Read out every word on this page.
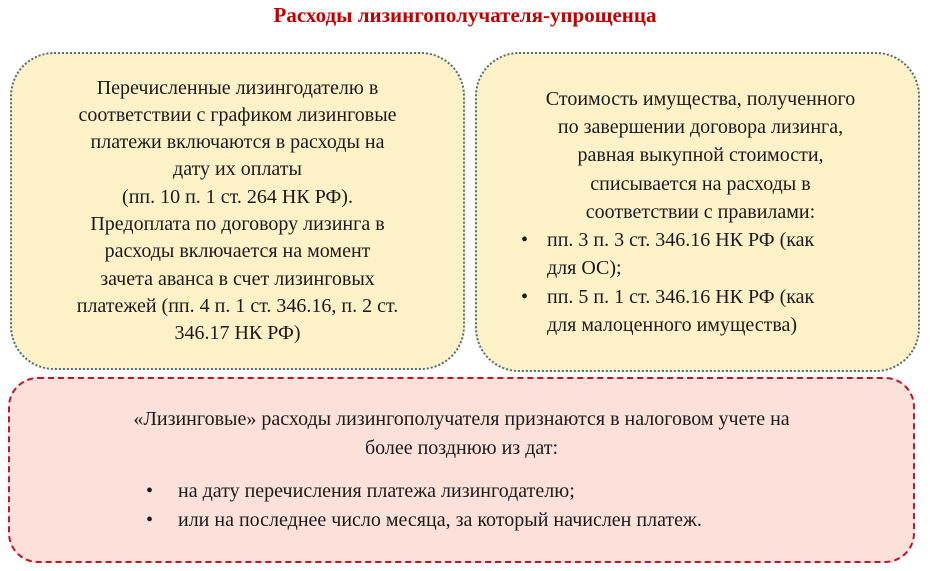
Расходы лизингополучателя-упрощенца
Перечисленные лизингодателю в
соответствии с графиком лизинговые
платежи включаются в расходы на
дату их оплаты
(пп. 10 п. 1 ст. 264 НК РФ).
Предоплата по договору лизинга в
расходы включается на момент
зачета аванса в счет лизинговых
платежей (пп. 4 п. 1 ст. 346.16, п. 2 ст.
346.17 НК РФ)
Стоимость имущества, полученного
по завершении договора лизинга,
равная выкупной стоимости,
списывается на расходы в
соответствии с правилами:
• пп. 3 п. 3 ст. 346.16 НК РФ (как
для ОС);
• пп. 5 п. 1 ст. 346.16 НК РФ (как
для малоценного имущества)
«Лизинговые» расходы лизингополучателя признаются в налоговом учете на
более позднюю из дат:
• на дату перечисления платежа лизингодателю;
• или на последнее число месяца, за который начислен платеж.
